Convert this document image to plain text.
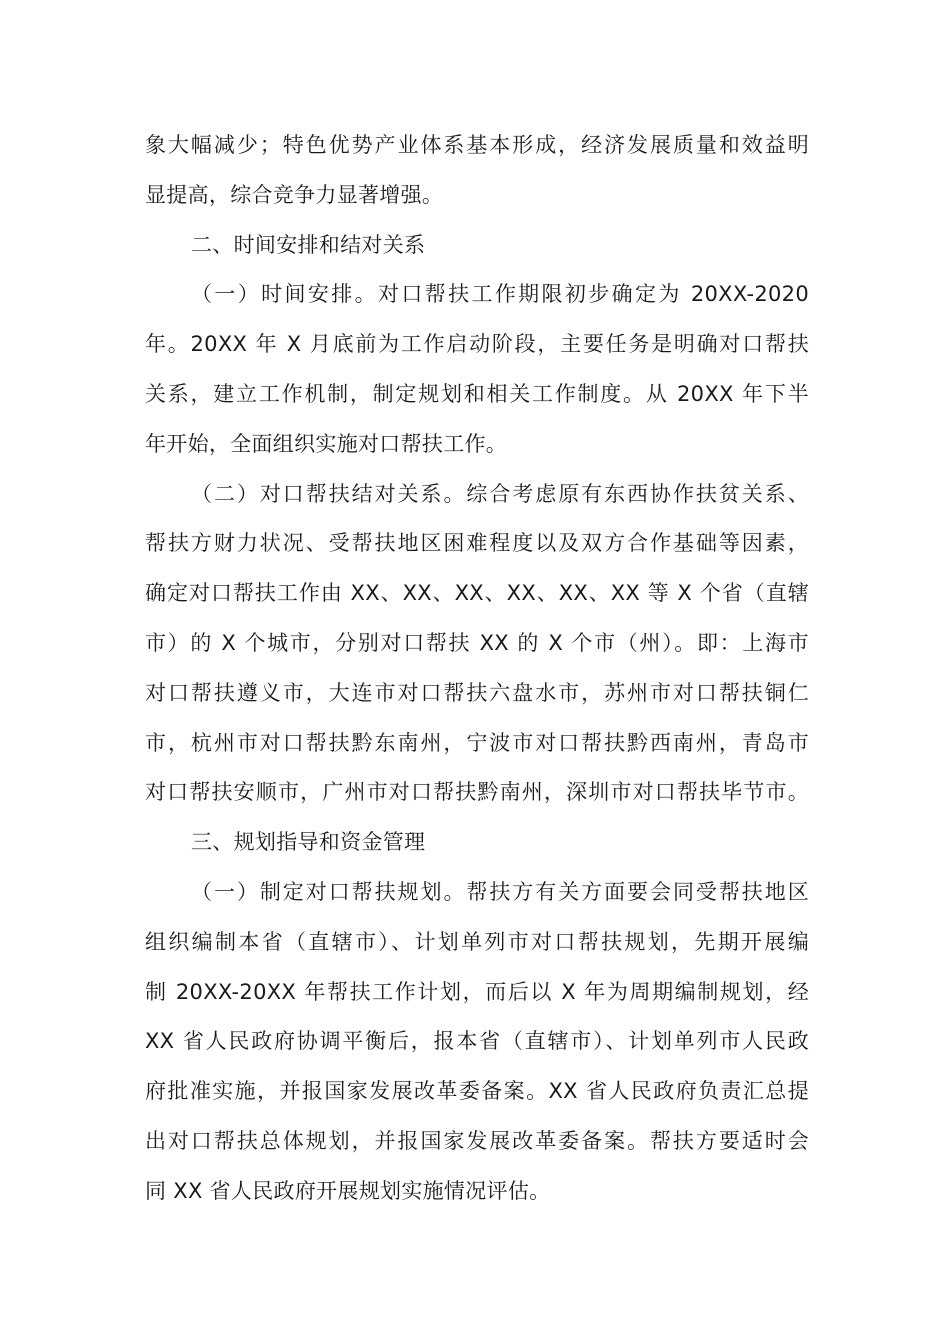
象大幅减少；特色优势产业体系基本形成，经济发展质量和效益明
显提高，综合竞争力显著增强。
二、时间安排和结对关系
（一）时间安排。对口帮扶工作期限初步确定为 20XX-2020
年。20XX 年 X 月底前为工作启动阶段，主要任务是明确对口帮扶
关系，建立工作机制，制定规划和相关工作制度。从 20XX 年下半
年开始，全面组织实施对口帮扶工作。
（二）对口帮扶结对关系。综合考虑原有东西协作扶贫关系、
帮扶方财力状况、受帮扶地区困难程度以及双方合作基础等因素，
确定对口帮扶工作由 XX、XX、XX、XX、XX、XX 等 X 个省（直辖
市）的 X 个城市，分别对口帮扶 XX 的 X 个市（州）。即：上海市
对口帮扶遵义市，大连市对口帮扶六盘水市，苏州市对口帮扶铜仁
市，杭州市对口帮扶黔东南州，宁波市对口帮扶黔西南州，青岛市
对口帮扶安顺市，广州市对口帮扶黔南州，深圳市对口帮扶毕节市。
三、规划指导和资金管理
（一）制定对口帮扶规划。帮扶方有关方面要会同受帮扶地区
组织编制本省（直辖市）、计划单列市对口帮扶规划，先期开展编
制 20XX-20XX 年帮扶工作计划，而后以 X 年为周期编制规划，经
XX 省人民政府协调平衡后，报本省（直辖市）、计划单列市人民政
府批准实施，并报国家发展改革委备案。XX 省人民政府负责汇总提
出对口帮扶总体规划，并报国家发展改革委备案。帮扶方要适时会
同 XX 省人民政府开展规划实施情况评估。
